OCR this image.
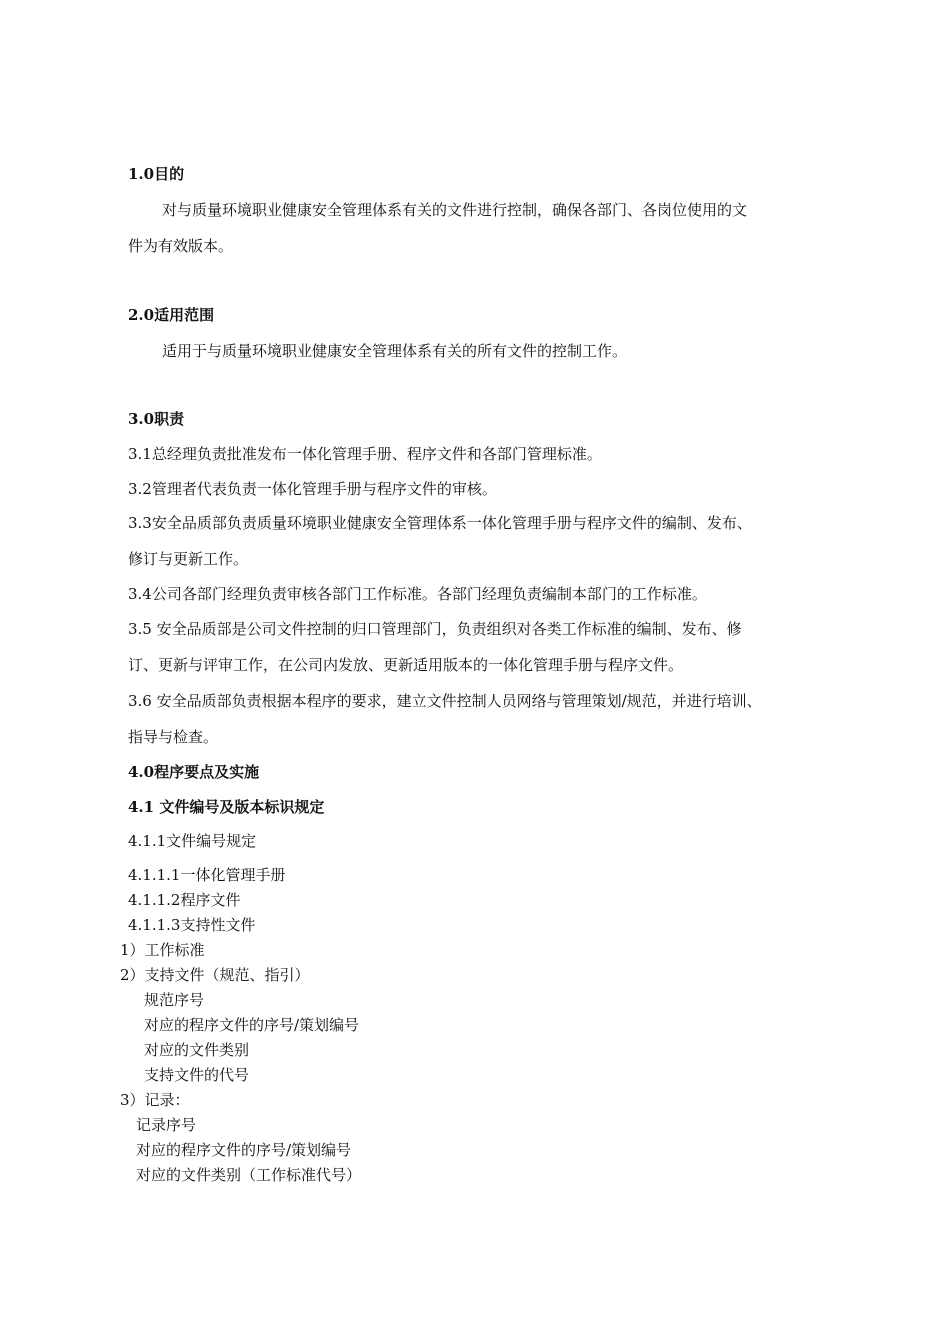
1.0目的
对与质量环境职业健康安全管理体系有关的文件进行控制，确保各部门、各岗位使用的文
件为有效版本。
2.0适用范围
适用于与质量环境职业健康安全管理体系有关的所有文件的控制工作。
3.0职责
3.1总经理负责批准发布一体化管理手册、程序文件和各部门管理标准。
3.2管理者代表负责一体化管理手册与程序文件的审核。
3.3安全品质部负责质量环境职业健康安全管理体系一体化管理手册与程序文件的编制、发布、
修订与更新工作。
3.4公司各部门经理负责审核各部门工作标准。各部门经理负责编制本部门的工作标准。
3.5 安全品质部是公司文件控制的归口管理部门，负责组织对各类工作标准的编制、发布、修
订、更新与评审工作，在公司内发放、更新适用版本的一体化管理手册与程序文件。
3.6 安全品质部负责根据本程序的要求，建立文件控制人员网络与管理策划/规范，并进行培训、
指导与检查。
4.0程序要点及实施
4.1 文件编号及版本标识规定
4.1.1文件编号规定
4.1.1.1一体化管理手册
4.1.1.2程序文件
4.1.1.3支持性文件
1）工作标准
2）支持文件（规范、指引）
规范序号
对应的程序文件的序号/策划编号
对应的文件类别
支持文件的代号
3）记录：
记录序号
对应的程序文件的序号/策划编号
对应的文件类别（工作标准代号）
